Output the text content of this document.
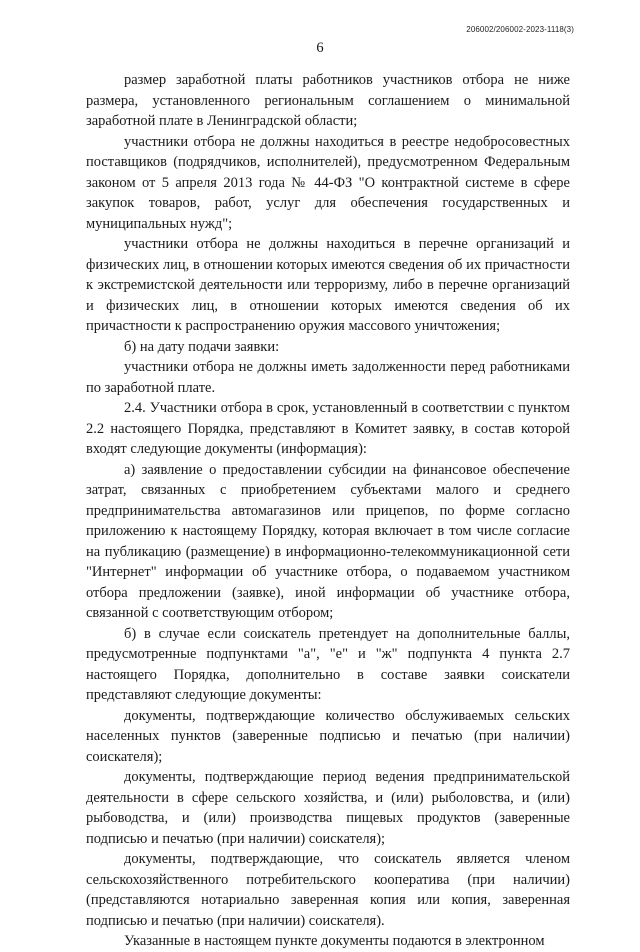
206002/206002-2023-1118(3)
6

размер заработной платы работников участников отбора не ниже размера, установленного региональным соглашением о минимальной заработной плате в Ленинградской области;

участники отбора не должны находиться в реестре недобросовестных поставщиков (подрядчиков, исполнителей), предусмотренном Федеральным законом от 5 апреля 2013 года № 44-ФЗ "О контрактной системе в сфере закупок товаров, работ, услуг для обеспечения государственных и муниципальных нужд";

участники отбора не должны находиться в перечне организаций и физических лиц, в отношении которых имеются сведения об их причастности к экстремистской деятельности или терроризму, либо в перечне организаций и физических лиц, в отношении которых имеются сведения об их причастности к распространению оружия массового уничтожения;

б) на дату подачи заявки:

участники отбора не должны иметь задолженности перед работниками по заработной плате.

2.4. Участники отбора в срок, установленный в соответствии с пунктом 2.2 настоящего Порядка, представляют в Комитет заявку, в состав которой входят следующие документы (информация):

а) заявление о предоставлении субсидии на финансовое обеспечение затрат, связанных с приобретением субъектами малого и среднего предпринимательства автомагазинов или прицепов, по форме согласно приложению к настоящему Порядку, которая включает в том числе согласие на публикацию (размещение) в информационно-телекоммуникационной сети "Интернет" информации об участнике отбора, о подаваемом участником отбора предложении (заявке), иной информации об участнике отбора, связанной с соответствующим отбором;

б) в случае если соискатель претендует на дополнительные баллы, предусмотренные подпунктами "а", "е" и "ж" подпункта 4 пункта 2.7 настоящего Порядка, дополнительно в составе заявки соискатели представляют следующие документы:

документы, подтверждающие количество обслуживаемых сельских населенных пунктов (заверенные подписью и печатью (при наличии) соискателя);

документы, подтверждающие период ведения предпринимательской деятельности в сфере сельского хозяйства, и (или) рыболовства, и (или) рыбоводства, и (или) производства пищевых продуктов (заверенные подписью и печатью (при наличии) соискателя);

документы, подтверждающие, что соискатель является членом сельскохозяйственного потребительского кооператива (при наличии) (представляются нотариально заверенная копия или копия, заверенная подписью и печатью (при наличии) соискателя).

Указанные в настоящем пункте документы подаются в электронном
